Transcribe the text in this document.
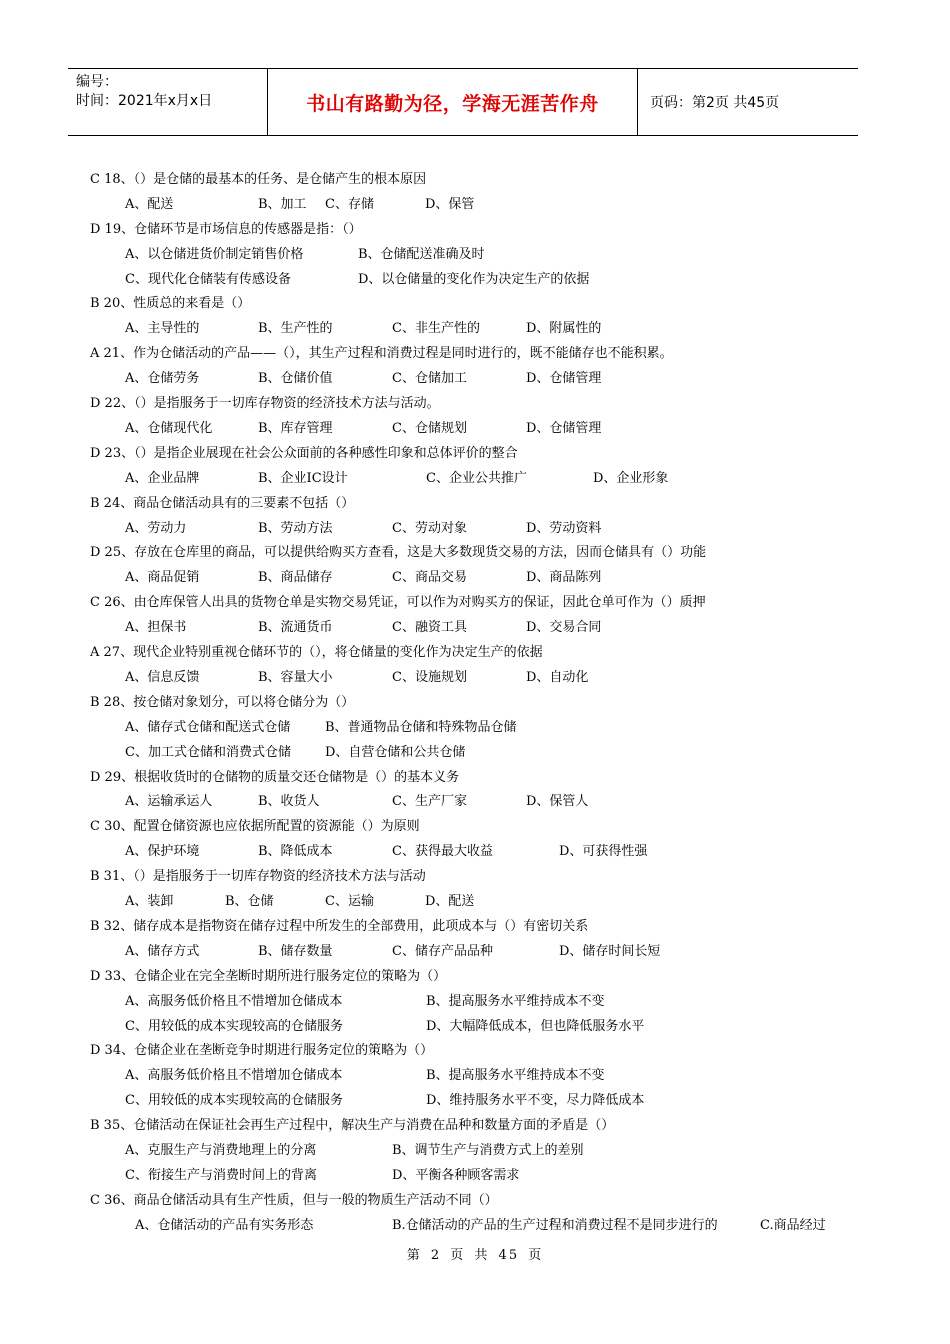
编号：
时间：2021年x月x日	书山有路勤为径，学海无涯苦作舟	页码：第2页 共45页
C 18、（）是仓储的最基本的任务、是仓储产生的根本原因
A、配送	B、加工 C、存储	D、保管
D 19、仓储环节是市场信息的传感器是指：（）
A、以仓储进货价制定销售价格	B、仓储配送准确及时
C、现代化仓储装有传感设备	D、以仓储量的变化作为决定生产的依据
B 20、性质总的来看是（）
A、主导性的	B、生产性的	C、非生产性的	D、附属性的
A 21、作为仓储活动的产品——（），其生产过程和消费过程是同时进行的，既不能储存也不能积累。
A、仓储劳务	B、仓储价值	C、仓储加工	D、仓储管理
D 22、（）是指服务于一切库存物资的经济技术方法与活动。
A、仓储现代化	B、库存管理	C、仓储规划	D、仓储管理
D 23、（）是指企业展现在社会公众面前的各种感性印象和总体评价的整合
A、企业品牌	B、企业IC设计	C、企业公共推广	D、企业形象
B 24、商品仓储活动具有的三要素不包括（）
A、劳动力	B、劳动方法	C、劳动对象	D、劳动资料
D 25、存放在仓库里的商品，可以提供给购买方查看，这是大多数现货交易的方法，因而仓储具有（）功能
A、商品促销	B、商品储存	C、商品交易	D、商品陈列
C 26、由仓库保管人出具的货物仓单是实物交易凭证，可以作为对购买方的保证，因此仓单可作为（）质押
A、担保书	B、流通货币	C、融资工具	D、交易合同
A 27、现代企业特别重视仓储环节的（），将仓储量的变化作为决定生产的依据
A、信息反馈	B、容量大小	C、设施规划	D、自动化
B 28、按仓储对象划分，可以将仓储分为（）
A、储存式仓储和配送式仓储	B、普通物品仓储和特殊物品仓储
C、加工式仓储和消费式仓储	D、自营仓储和公共仓储
D 29、根据收货时的仓储物的质量交还仓储物是（）的基本义务
A、运输承运人	B、收货人	C、生产厂家	D、保管人
C 30、配置仓储资源也应依据所配置的资源能（）为原则
A、保护环境	B、降低成本	C、获得最大收益	D、可获得性强
B 31、（）是指服务于一切库存物资的经济技术方法与活动
A、装卸	B、仓储	C、运输	D、配送
B 32、储存成本是指物资在储存过程中所发生的全部费用，此项成本与（）有密切关系
A、储存方式	B、储存数量	C、储存产品品种	D、储存时间长短
D 33、仓储企业在完全垄断时期所进行服务定位的策略为（）
A、高服务低价格且不惜增加仓储成本	B、提高服务水平维持成本不变
C、用较低的成本实现较高的仓储服务	D、大幅降低成本，但也降低服务水平
D 34、仓储企业在垄断竞争时期进行服务定位的策略为（）
A、高服务低价格且不惜增加仓储成本	B、提高服务水平维持成本不变
C、用较低的成本实现较高的仓储服务	D、维持服务水平不变，尽力降低成本
B 35、仓储活动在保证社会再生产过程中，解决生产与消费在品种和数量方面的矛盾是（）
A、克服生产与消费地理上的分离	B、调节生产与消费方式上的差别
C、衔接生产与消费时间上的背离	D、平衡各种顾客需求
C 36、商品仓储活动具有生产性质，但与一般的物质生产活动不同（）
A、仓储活动的产品有实务形态	B.仓储活动的产品的生产过程和消费过程不是同步进行的	C.商品经过
第 2 页 共 45 页
